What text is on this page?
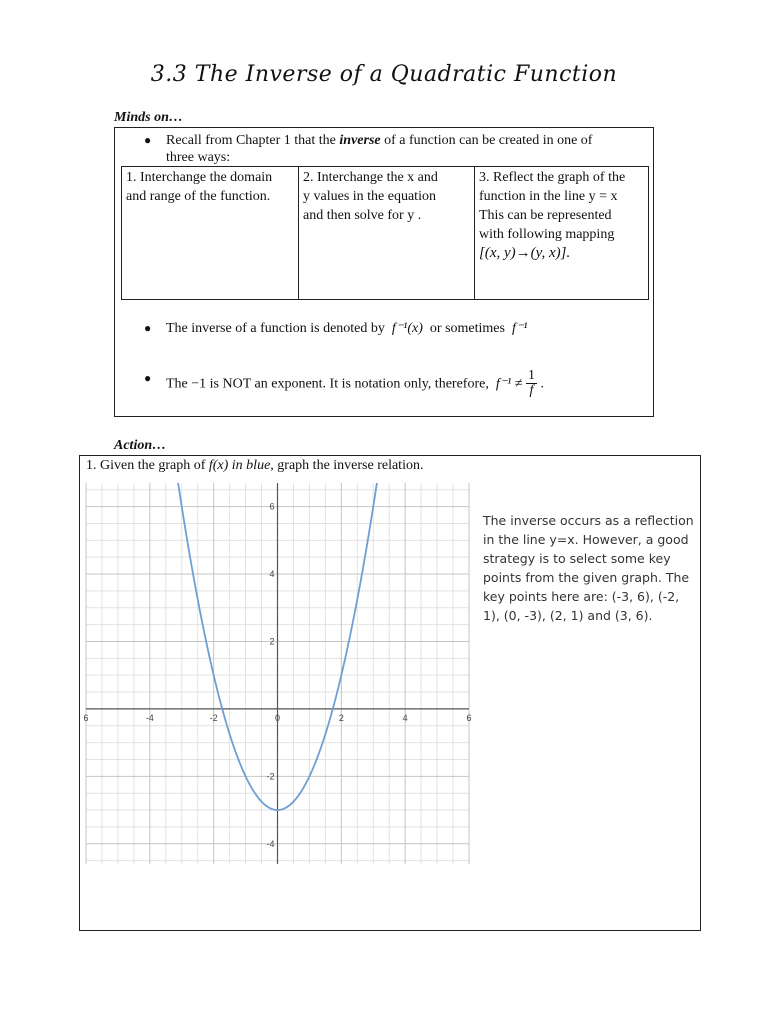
3.3 The Inverse of a Quadratic Function
Minds on…
● Recall from Chapter 1 that the inverse of a function can be created in one of
three ways:
1. Interchange the domain
and range of the function.
2. Interchange the x and
y values in the equation
and then solve for y .
3. Reflect the graph of the
function in the line y = x
This can be represented
with following mapping
[(x, y)→(y, x)].
● The inverse of a function is denoted by f⁻¹(x) or sometimes f⁻¹
● The −1 is NOT an exponent. It is notation only, therefore, $f^{-1} \ne \frac{1}{f}$ .
Action…
1. Given the graph of f(x) in blue, graph the inverse relation.
6	-4	-2	0	2	4	6
-4
-2
2
4
6
The inverse occurs as a reflection in the line y=x. However, a good strategy is to select some key points from the given graph. The key points here are: (-3, 6), (-2, 1), (0, -3), (2, 1) and (3, 6).
